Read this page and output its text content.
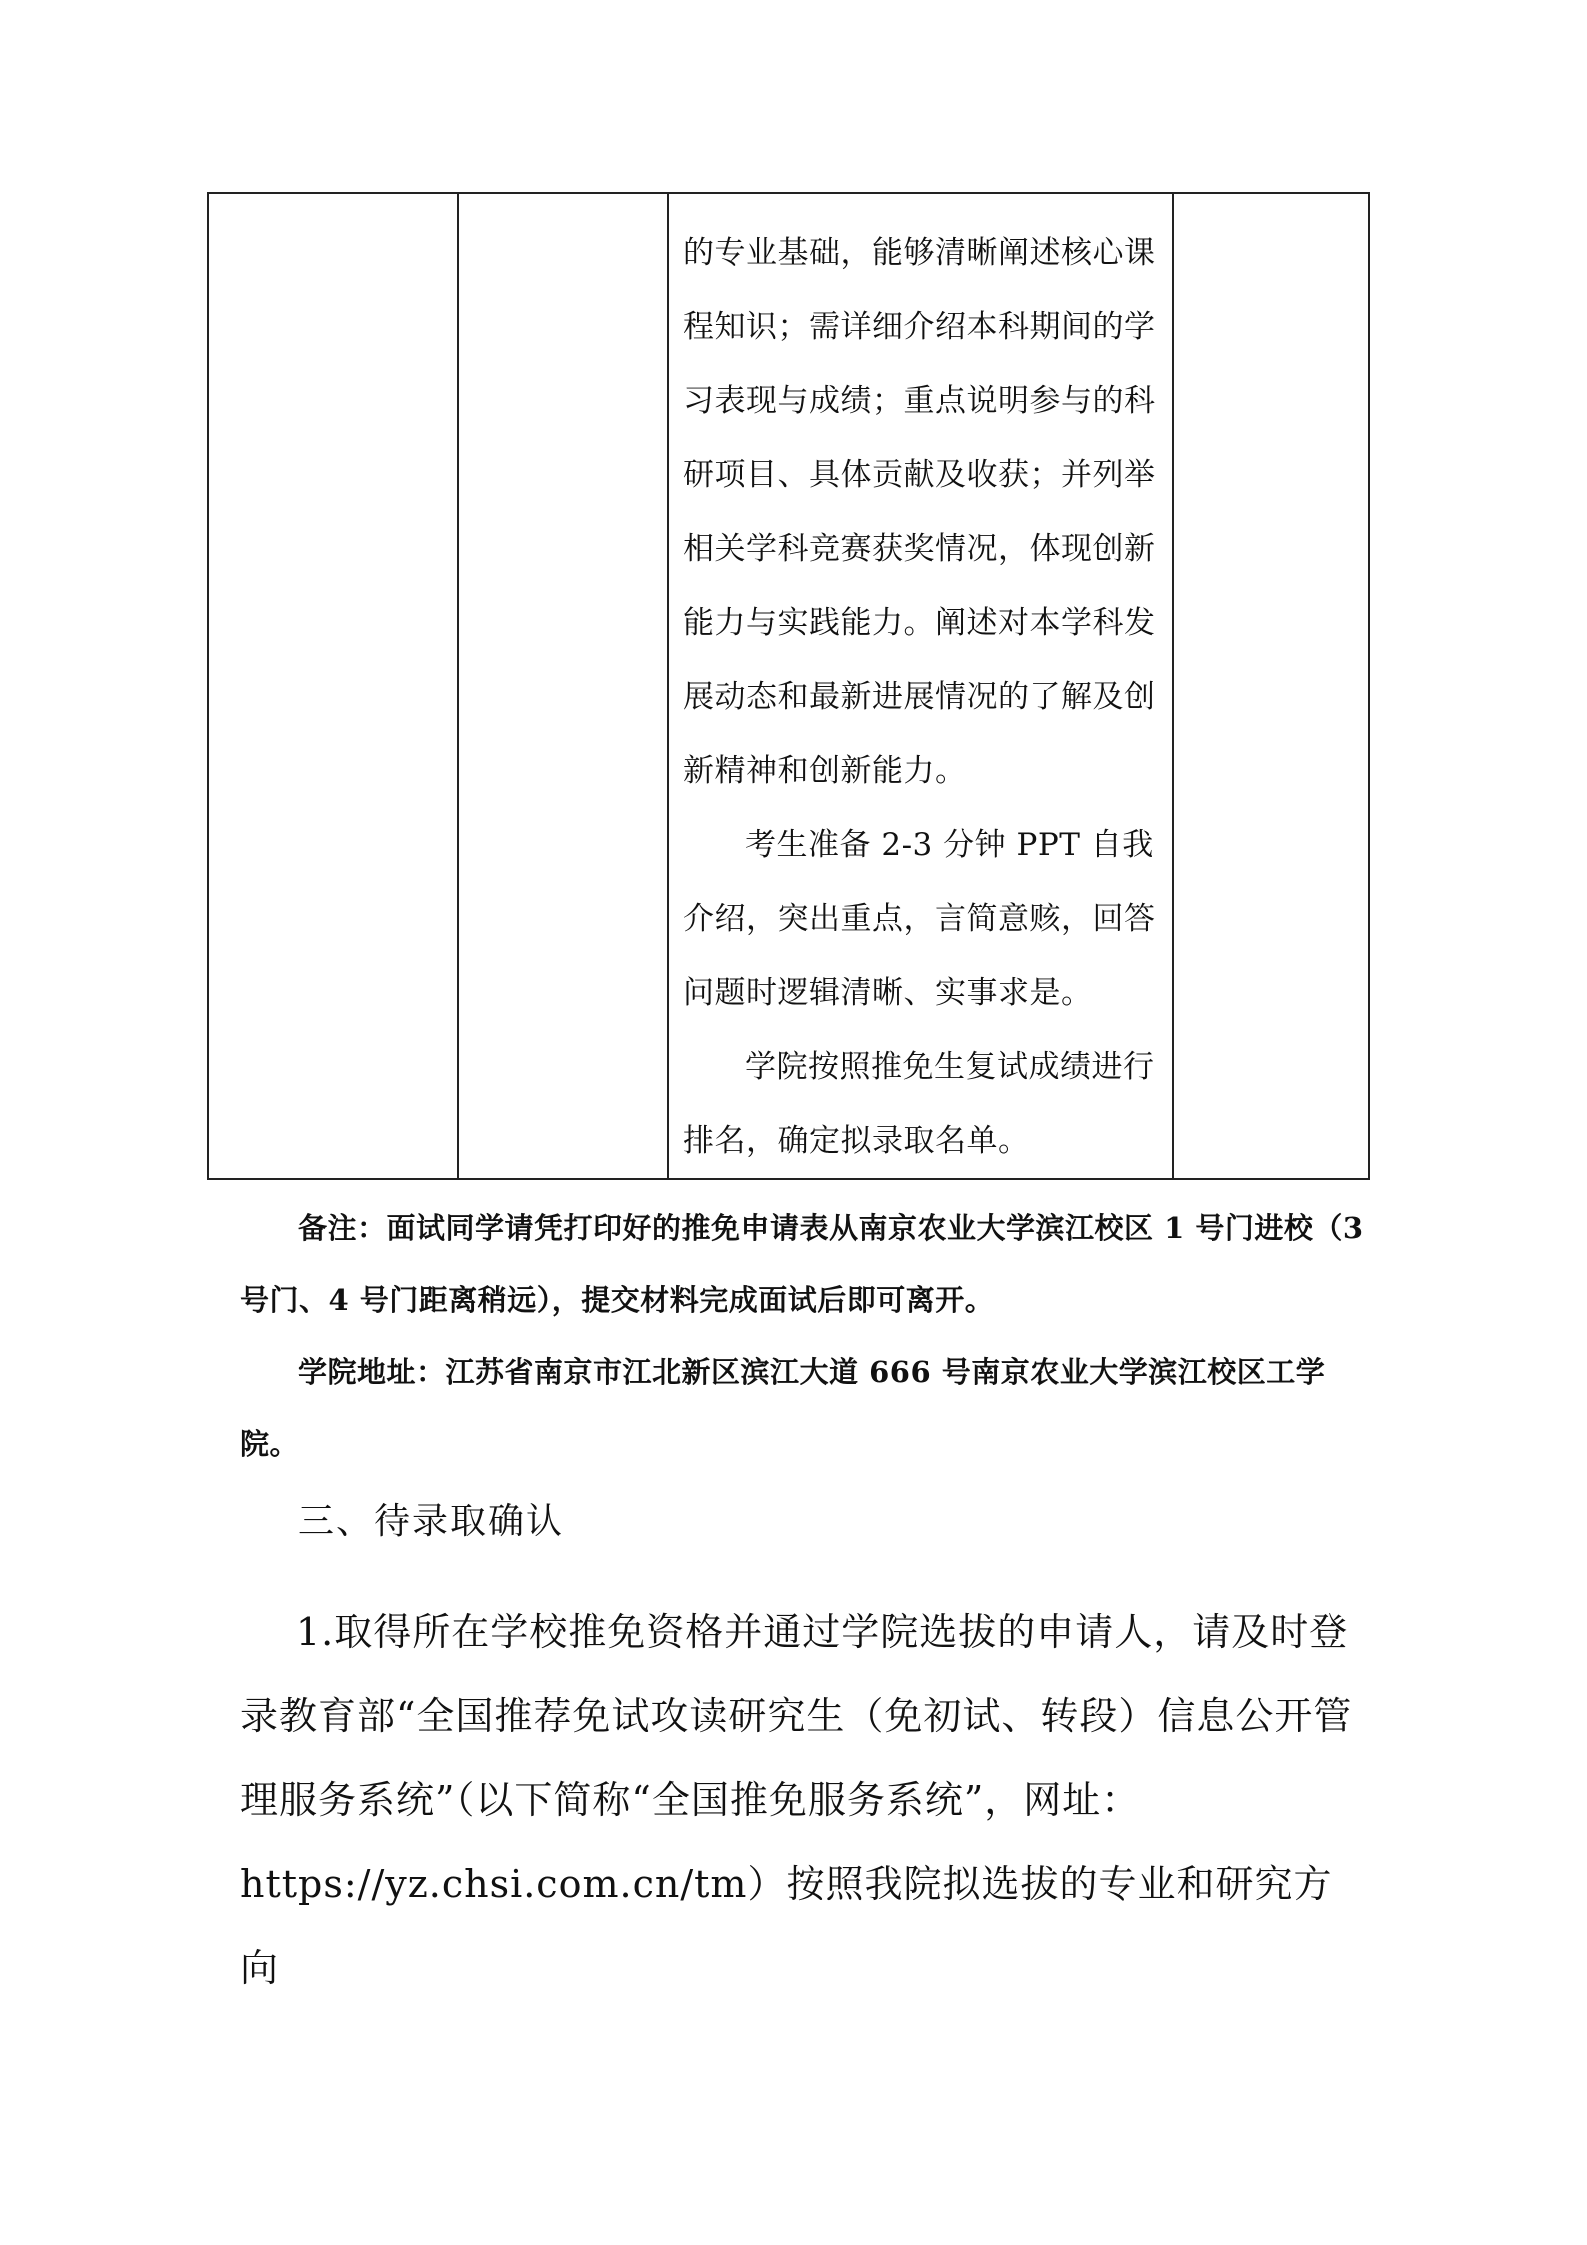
的专业基础，能够清晰阐述核心课程知识；需详细介绍本科期间的学习表现与成绩；重点说明参与的科研项目、具体贡献及收获；并列举相关学科竞赛获奖情况，体现创新能力与实践能力。阐述对本学科发展动态和最新进展情况的了解及创新精神和创新能力。

考生准备 2-3 分钟 PPT 自我介绍，突出重点，言简意赅，回答问题时逻辑清晰、实事求是。

学院按照推免生复试成绩进行排名，确定拟录取名单。

备注：面试同学请凭打印好的推免申请表从南京农业大学滨江校区 1 号门进校（3 号门、4 号门距离稍远），提交材料完成面试后即可离开。

学院地址：江苏省南京市江北新区滨江大道 666 号南京农业大学滨江校区工学院。

三、待录取确认

1.取得所在学校推免资格并通过学院选拔的申请人，请及时登录教育部“全国推荐免试攻读研究生（免初试、转段）信息公开管理服务系统”（以下简称“全国推免服务系统”，网址：https://yz.chsi.com.cn/tm）按照我院拟选拔的专业和研究方向
